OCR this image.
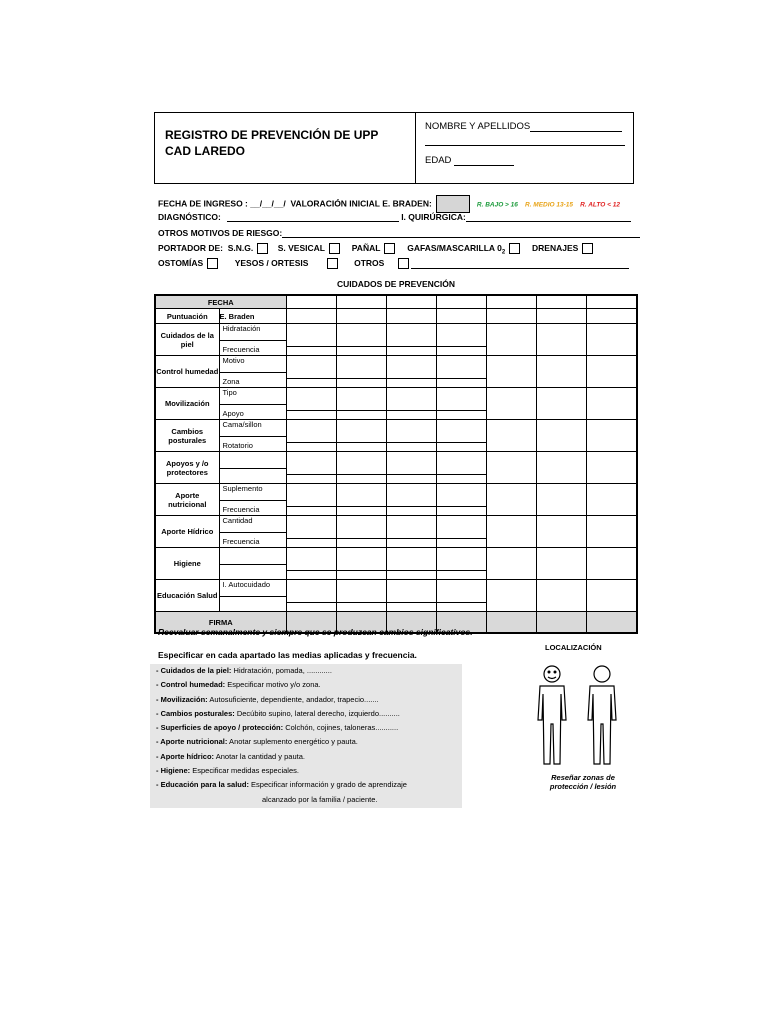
REGISTRO DE PREVENCIÓN DE UPP
CAD LAREDO
NOMBRE Y APELLIDOS
EDAD
FECHA DE INGRESO : __/__/__/ VALORACIÓN INICIAL E. BRADEN:	R. BAJO > 16 R. MEDIO 13-15 R. ALTO < 12
DIAGNÓSTICO:	I. QUIRÚRGICA:
OTROS MOTIVOS DE RIESGO:
PORTADOR DE: S.N.G.	S. VESICAL	PAÑAL	GAFAS/MASCARILLA $0_2$	DRENAJES
OSTOMÍAS	YESOS / ORTESIS	OTROS
CUIDADOS DE PREVENCIÓN
FECHA								
Puntuación	E. Braden							
Cuidados de la piel	Hidratación
Frecuencia							

Control humedad	Motivo
Zona							

Movilización	Tipo
Apoyo							

Cambios posturales	Cama/sillon
Rotatorio							

Apoyos y /o protectores	

Aporte nutricional	Suplemento
Frecuencia							

Aporte Hídrico	Cantidad
Frecuencia							

Higiene	

Educación Salud	I. Autocuidado							

FIRMA								
Reevaluar semanalmente y siempre que se produzcan cambios significativos.
Especificar en cada apartado las medias aplicadas y frecuencia.
- Cuidados de la piel: Hidratación, pomada, ............
- Control humedad: Especificar motivo y/o zona.
- Movilización: Autosuficiente, dependiente, andador, trapecio.......
- Cambios posturales: Decúbito supino, lateral derecho, izquierdo..........
- Superficies de apoyo / protección: Colchón, cojines, taloneras...........
- Aporte nutricional: Anotar suplemento energético y pauta.
- Aporte hídrico: Anotar la cantidad y pauta.
- Higiene: Especificar medidas especiales.
- Educación para la salud: Especificar información y grado de aprendizaje
alcanzado por la familia / paciente.
LOCALIZACIÓN
Reseñar zonas de
protección / lesión
